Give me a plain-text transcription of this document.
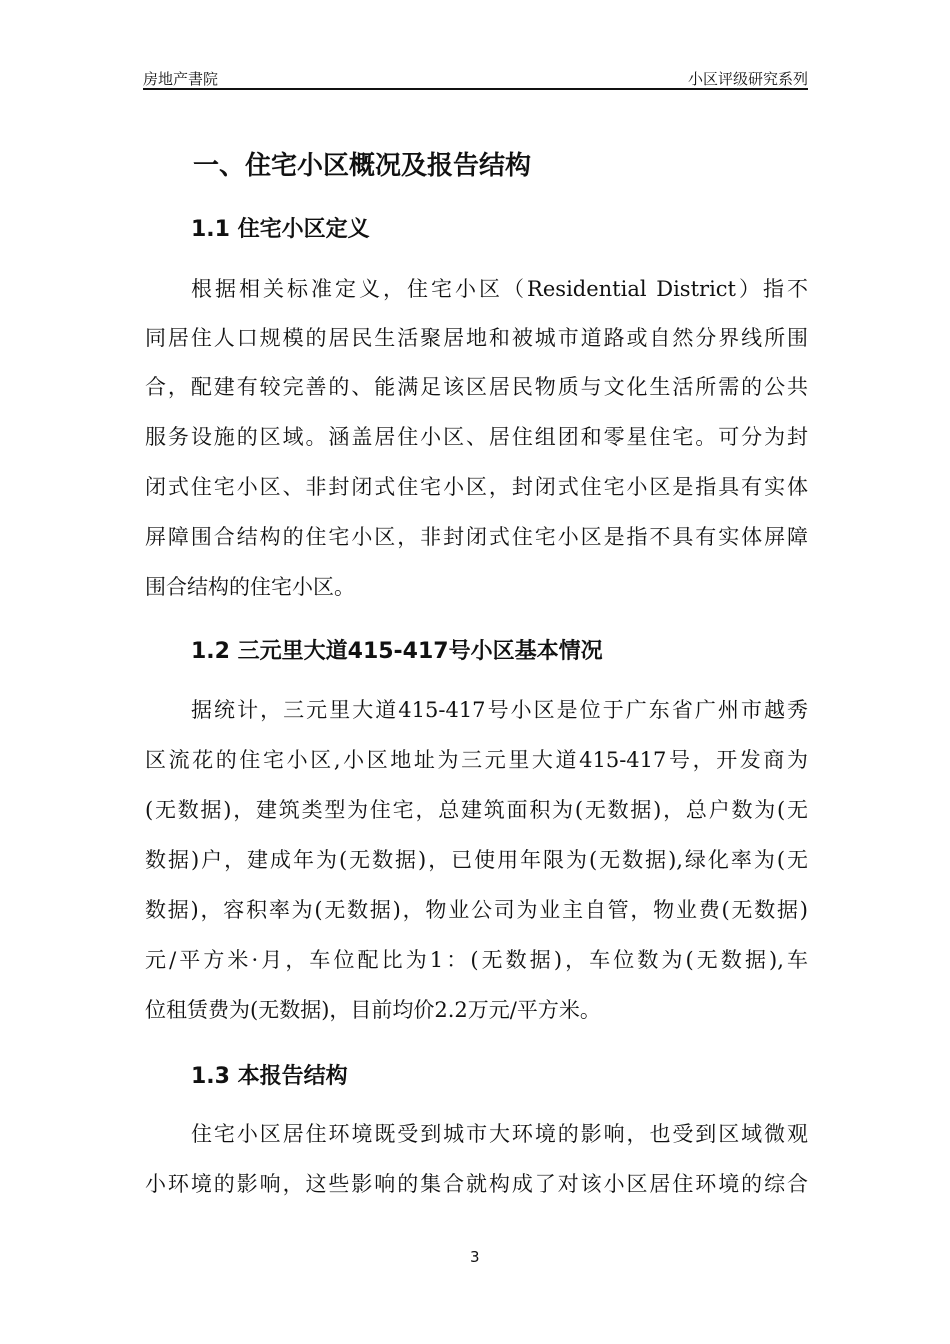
房地产書院	小区评级研究系列
一、住宅小区概况及报告结构
1.1 住宅小区定义
根据相关标准定义，住宅小区（Residential District）指不
同居住人口规模的居民生活聚居地和被城市道路或自然分界线所围
合，配建有较完善的、能满足该区居民物质与文化生活所需的公共
服务设施的区域。涵盖居住小区、居住组团和零星住宅。可分为封
闭式住宅小区、非封闭式住宅小区，封闭式住宅小区是指具有实体
屏障围合结构的住宅小区，非封闭式住宅小区是指不具有实体屏障
围合结构的住宅小区。
1.2 三元里大道415-417号小区基本情况
据统计，三元里大道415-417号小区是位于广东省广州市越秀
区流花的住宅小区,小区地址为三元里大道415-417号，开发商为
(无数据)，建筑类型为住宅，总建筑面积为(无数据)，总户数为(无
数据)户，建成年为(无数据)，已使用年限为(无数据),绿化率为(无
数据)，容积率为(无数据)，物业公司为业主自管，物业费(无数据)
元/平方米·月，车位配比为1：(无数据)，车位数为(无数据),车
位租赁费为(无数据)，目前均价2.2万元/平方米。
1.3 本报告结构
住宅小区居住环境既受到城市大环境的影响，也受到区域微观
小环境的影响，这些影响的集合就构成了对该小区居住环境的综合
3
